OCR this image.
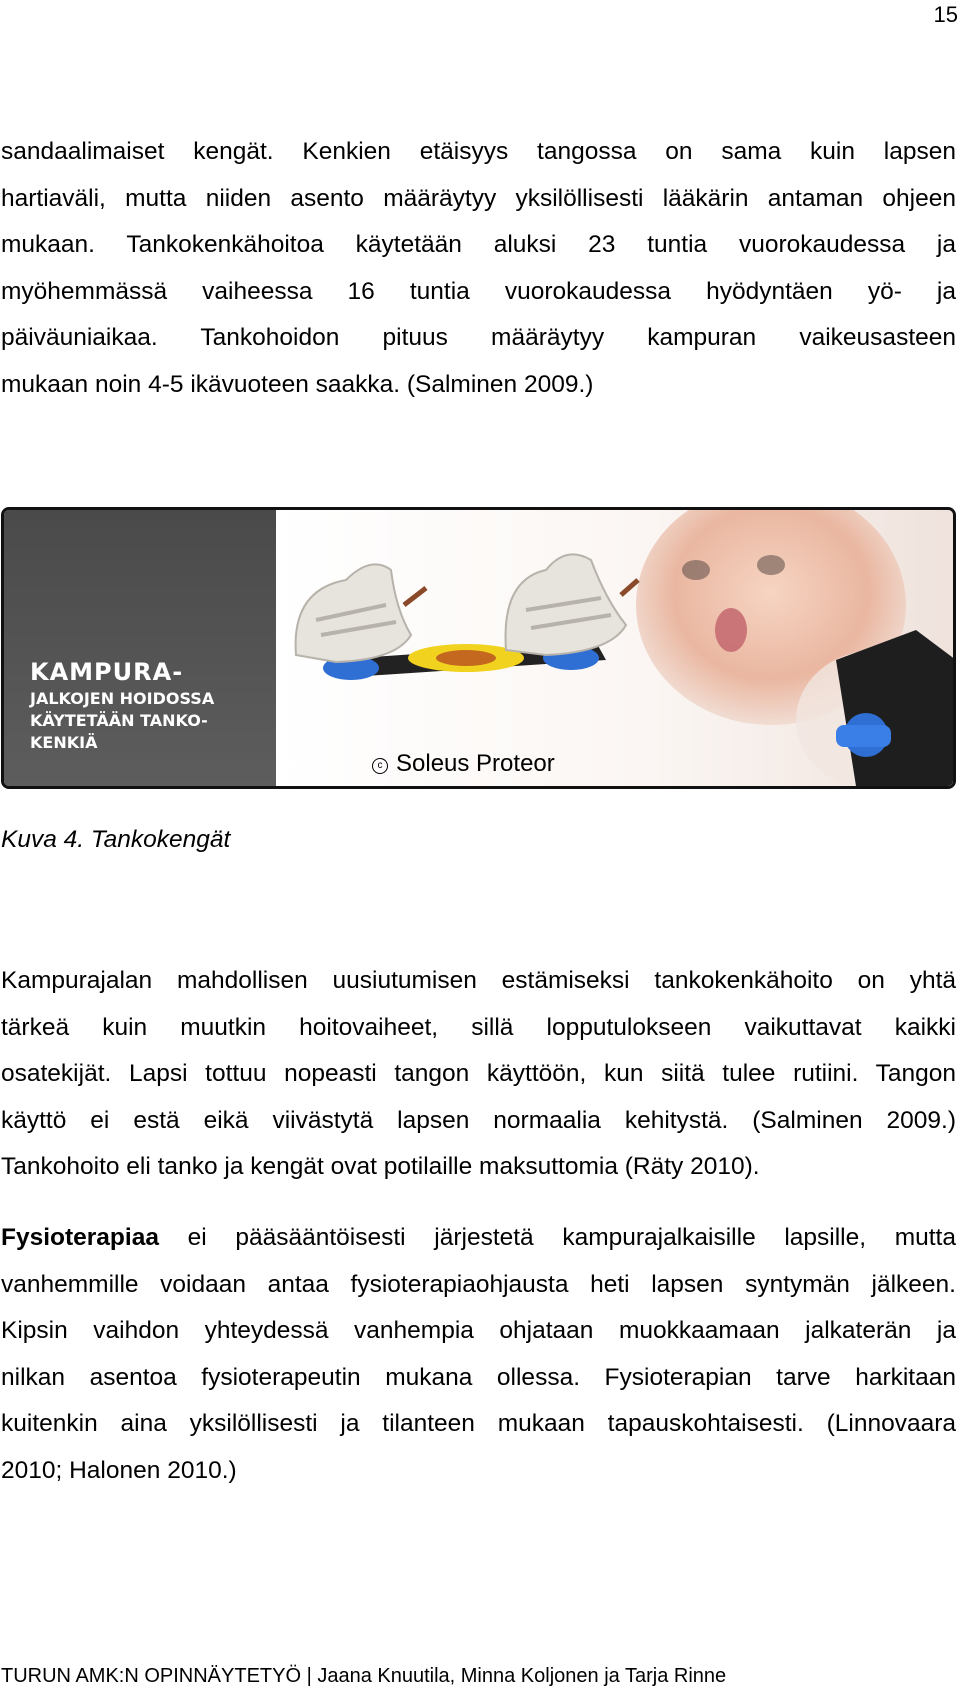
15
sandaalimaiset kengät. Kenkien etäisyys tangossa on sama kuin lapsen
hartiaväli, mutta niiden asento määräytyy yksilöllisesti lääkärin antaman ohjeen
mukaan. Tankokenkähoitoa käytetään aluksi 23 tuntia vuorokaudessa ja
myöhemmässä vaiheessa 16 tuntia vuorokaudessa hyödyntäen yö- ja
päiväuniaikaa. Tankohoidon pituus määräytyy kampuran vaikeusasteen
mukaan noin 4-5 ikävuoteen saakka. (Salminen 2009.)
KAMPURA-
JALKOJEN HOIDOSSA
KÄYTETÄÄN TANKO-
KENKIÄ
c Soleus Proteor
Kuva 4. Tankokengät
Kampurajalan mahdollisen uusiutumisen estämiseksi tankokenkähoito on yhtä
tärkeä kuin muutkin hoitovaiheet, sillä lopputulokseen vaikuttavat kaikki
osatekijät. Lapsi tottuu nopeasti tangon käyttöön, kun siitä tulee rutiini. Tangon
käyttö ei estä eikä viivästytä lapsen normaalia kehitystä. (Salminen 2009.)
Tankohoito eli tanko ja kengät ovat potilaille maksuttomia (Räty 2010).
Fysioterapiaa ei pääsääntöisesti järjestetä kampurajalkaisille lapsille, mutta
vanhemmille voidaan antaa fysioterapiaohjausta heti lapsen syntymän jälkeen.
Kipsin vaihdon yhteydessä vanhempia ohjataan muokkaamaan jalkaterän ja
nilkan asentoa fysioterapeutin mukana ollessa. Fysioterapian tarve harkitaan
kuitenkin aina yksilöllisesti ja tilanteen mukaan tapauskohtaisesti. (Linnovaara
2010; Halonen 2010.)
TURUN AMK:N OPINNÄYTETYÖ | Jaana Knuutila, Minna Koljonen ja Tarja Rinne
